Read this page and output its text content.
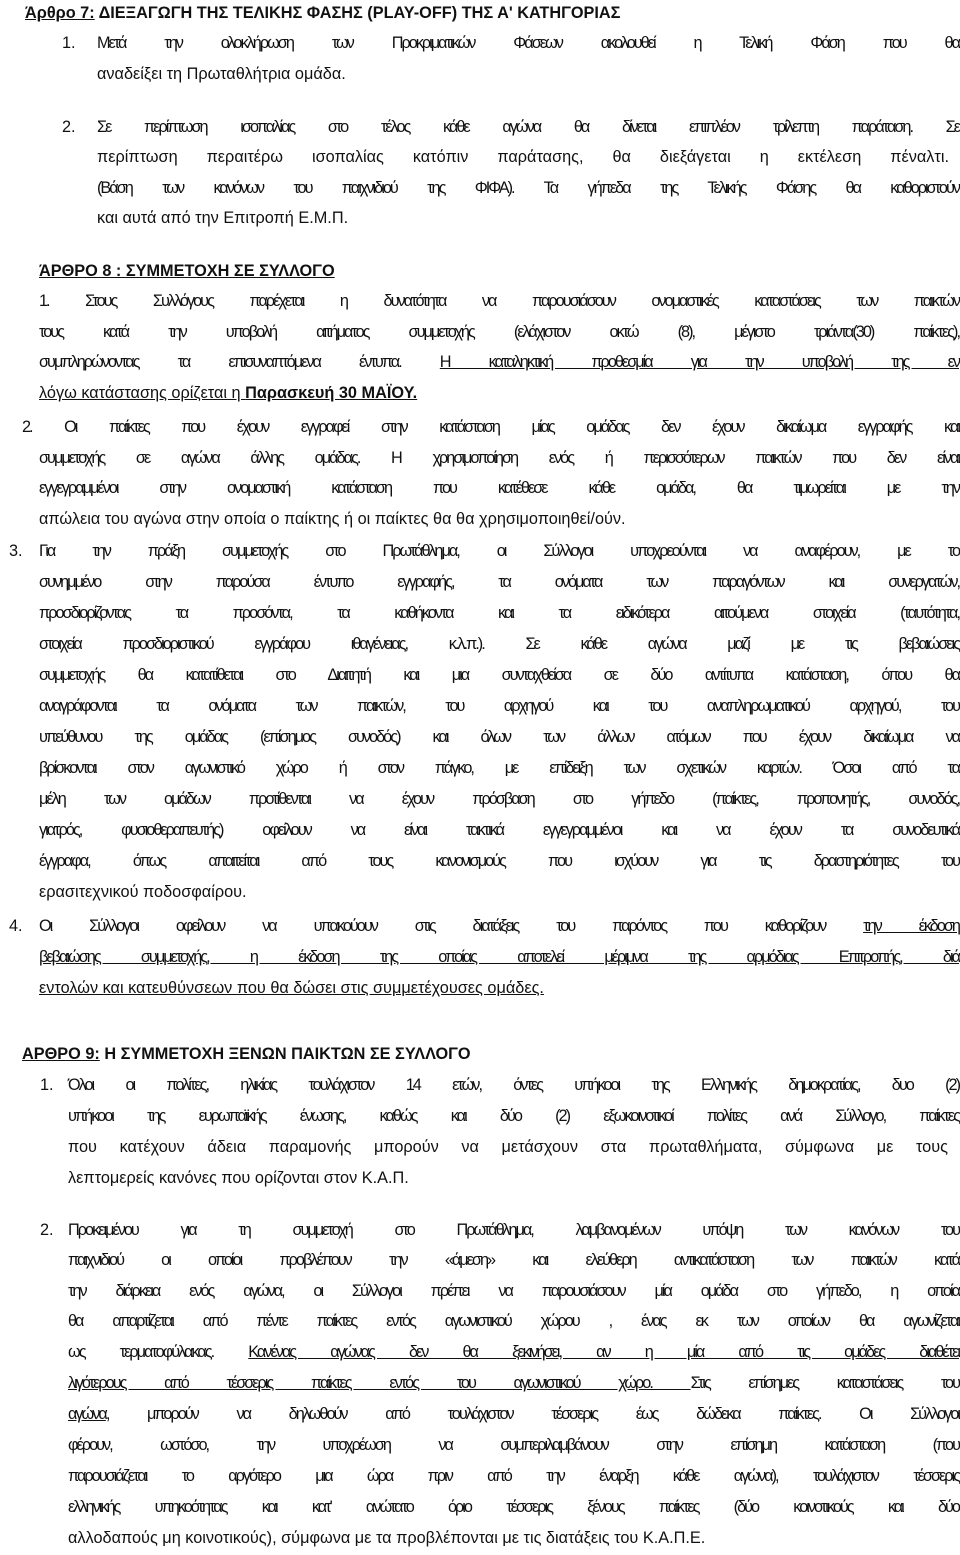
Άρθρο 7: ΔΙΕΞΑΓΩΓΗ ΤΗΣ ΤΕΛΙΚΗΣ ΦΑΣΗΣ (PLAY-OFF) ΤΗΣ Α' ΚΑΤΗΓΟΡΙΑΣ

1. Μετά την ολοκλήρωση των Προκριματικών Φάσεων ακολουθεί η Τελική Φάση που θα

αναδείξει τη Πρωταθλήτρια ομάδα.

2. Σε περίπτωση ισοπαλίας στο τέλος κάθε αγώνα θα δίνεται επιπλέον τρίλεπτη παράταση. Σε

περίπτωση περαιτέρω ισοπαλίας κατόπιν παράτασης, θα διεξάγεται η εκτέλεση πέναλτι.

(Βάση των κανόνων του παιχνιδιού της ΦΙΦΑ). Τα γήπεδα της Τελικής Φάσης θα καθοριστούν

και αυτά από την Επιτροπή Ε.Μ.Π.

ΆΡΘΡΟ 8 : ΣΥΜΜΕΤΟΧΗ ΣΕ ΣΥΛΛΟΓΟ

1. Στους Συλλόγους παρέχεται η δυνατότητα να παρουσιάσουν ονομαστικές καταστάσεις των παικτών

τους κατά την υποβολή αιτήματος συμμετοχής (ελάχιστον οκτώ (8), μέγιστο τριάντα(30) παίκτες),

συμπληρώνοντας τα επισυναπτόμενα έντυπα. Η καταληκτική προθεσμία για την υποβολή της εν

λόγω κατάστασης ορίζεται η Παρασκευή 30 ΜΑΪΟΥ.

2. Οι παίκτες που έχουν εγγραφεί στην κατάσταση μίας ομάδας δεν έχουν δικαίωμα εγγραφής και

συμμετοχής σε αγώνα άλλης ομάδας. Η χρησιμοποίηση ενός ή περισσότερων παικτών που δεν είναι

εγγεγραμμένοι στην ονομαστική κατάσταση που κατέθεσε κάθε ομάδα, θα τιμωρείται με την

απώλεια του αγώνα στην οποία ο παίκτης ή οι παίκτες θα θα χρησιμοποιηθεί/ούν.

3. Για την πράξη συμμετοχής στο Πρωτάθλημα, οι Σύλλογοι υποχρεούνται να αναφέρουν, με το

συνημμένο στην παρούσα έντυπο εγγραφής, τα ονόματα των παραγόντων και συνεργατών,

προσδιορίζοντας τα προσόντα, τα καθήκοντα και τα ειδικότερα αιτούμενα στοιχεία (ταυτότητα,

στοιχεία προσδιοριστικού εγγράφου ιθαγένειας, κ.λ.π.). Σε κάθε αγώνα μαζί με τις βεβαιώσεις

συμμετοχής θα κατατίθεται στο Διαιτητή και μια συνταχθείσα σε δύο αντίτυπα κατάσταση, όπου θα

αναγράφονται τα ονόματα των παικτών, του αρχηγού και του αναπληρωματικού αρχηγού, του

υπεύθυνου της ομάδας (επίσημος συνοδός) και όλων των άλλων ατόμων που έχουν δικαίωμα να

βρίσκονται στον αγωνιστικό χώρο ή στον πάγκο, με επίδειξη των σχετικών καρτών. Όσοι από τα

μέλη των ομάδων προτίθενται να έχουν πρόσβαση στο γήπεδο (παίκτες, προπονητής, συνοδός,

γιατρός, φυσιοθεραπευτής) οφείλουν να είναι τακτικά εγγεγραμμένοι και να έχουν τα συνοδευτικά

έγγραφα, όπως απαιτείται από τους κανονισμούς που ισχύουν για τις δραστηριότητες του

ερασιτεχνικού ποδοσφαίρου.

4. Οι Σύλλογοι οφείλουν να υπακούουν στις διατάξεις του παρόντος που καθορίζουν την έκδοση

βεβαιώσης συμμετοχής, η έκδοση της οποίας αποτελεί μέριμνα της αρμόδιας Επιτροπής, διά

εντολών και κατευθύνσεων που θα δώσει στις συμμετέχουσες ομάδες.

ΑΡΘΡΟ 9: Η ΣΥΜΜΕΤΟΧΗ ΞΕΝΩΝ ΠΑΙΚΤΩΝ ΣΕ ΣΥΛΛΟΓΟ

1. Όλοι οι πολίτες, ηλικίας τουλάχιστον 14 ετών, όντες υπήκοοι της Ελληνικής δημοκρατίας, δυο (2)

υπήκοοι της ευρωπαϊκής ένωσης, καθώς και δύο (2) εξωκοινοτικοί πολίτες ανά Σύλλογο, παίκτες

που κατέχουν άδεια παραμονής μπορούν να μετάσχουν στα πρωταθλήματα, σύμφωνα με τους

λεπτομερείς κανόνες που ορίζονται στον Κ.Α.Π.

2. Προκειμένου για τη συμμετοχή στο Πρωτάθλημα, λαμβανομένων υπόψη των κανόνων του

παιχνιδιού οι οποίοι προβλέπουν την «άμεση» και ελεύθερη αντικατάσταση των παικτών κατά

την διάρκεια ενός αγώνα, οι Σύλλογοι πρέπει να παρουσιάσουν μία ομάδα στο γήπεδο, η οποία

θα απαρτίζεται από πέντε παίκτες εντός αγωνιστικού χώρου , ένας εκ των οποίων θα αγωνίζεται

ως τερματοφύλακας. Κανένας αγώνας δεν θα ξεκινήσει, αν η μία από τις ομάδες διαθέτει

λιγότερους από τέσσερις παίκτες εντός του αγωνιστικού χώρο. Στις επίσημες καταστάσεις του

αγώνα, μπορούν να δηλωθούν από τουλάχιστον τέσσερις έως δώδεκα παίκτες. Οι Σύλλογοι

φέρουν, ωστόσο, την υποχρέωση να συμπεριλαμβάνουν στην επίσημη κατάσταση (που

παρουσιάζεται το αργότερο μια ώρα πριν από την έναρξη κάθε αγώνα), τουλάχιστον τέσσερις

ελληνικής υπηκοότητας και κατ' ανώτατο όριο τέσσερις ξένους παίκτες (δύο κοινοτικούς και δύο

αλλοδαπούς μη κοινοτικούς), σύμφωνα με τα προβλέπονται με τις διατάξεις του Κ.Α.Π.Ε.
